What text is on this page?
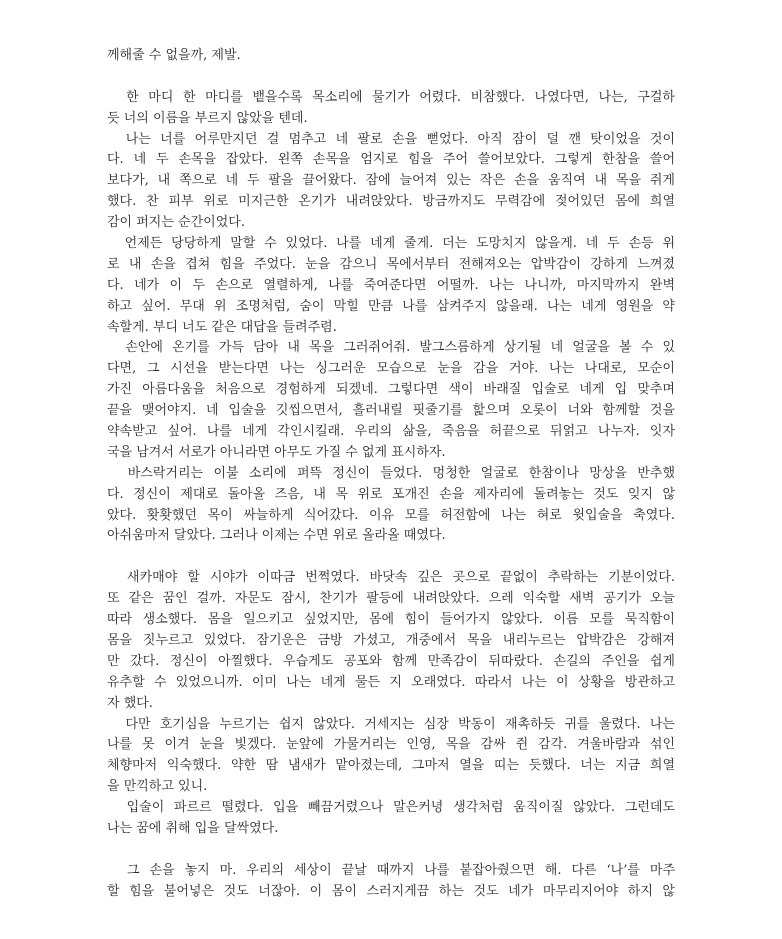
께해줄 수 없을까, 제발.
한 마디 한 마디를 뱉을수록 목소리에 물기가 어렸다. 비참했다. 나였다면, 나는, 구걸하
듯 너의 이름을 부르지 않았을 텐데.
나는 너를 어루만지던 걸 멈추고 네 팔로 손을 뻗었다. 아직 잠이 덜 깬 탓이었을 것이
다. 네 두 손목을 잡았다. 왼쪽 손목을 엄지로 힘을 주어 쓸어보았다. 그렇게 한참을 쓸어
보다가, 내 쪽으로 네 두 팔을 끌어왔다. 잠에 늘어져 있는 작은 손을 움직여 내 목을 쥐게
했다. 찬 피부 위로 미지근한 온기가 내려앉았다. 방금까지도 무력감에 젖어있던 몸에 희열
감이 퍼지는 순간이었다.
언제든 당당하게 말할 수 있었다. 나를 네게 줄게. 더는 도망치지 않을게. 네 두 손등 위
로 내 손을 겹쳐 힘을 주었다. 눈을 감으니 목에서부터 전해져오는 압박감이 강하게 느껴졌
다. 네가 이 두 손으로 열렬하게, 나를 죽여준다면 어떨까. 나는 나니까, 마지막까지 완벽
하고 싶어. 무대 위 조명처럼, 숨이 막힐 만큼 나를 삼켜주지 않을래. 나는 네게 영원을 약
속할게. 부디 너도 같은 대답을 들려주렴.
손안에 온기를 가득 담아 내 목을 그러쥐어줘. 발그스름하게 상기될 네 얼굴을 볼 수 있
다면, 그 시선을 받는다면 나는 싱그러운 모습으로 눈을 감을 거야. 나는 나대로, 모순이
가진 아름다움을 처음으로 경험하게 되겠네. 그렇다면 색이 바래질 입술로 네게 입 맞추며
끝을 맺어야지. 네 입술을 깃씹으면서, 흘러내릴 핏줄기를 핥으며 오롯이 너와 함께할 것을
약속받고 싶어. 나를 네게 각인시킬래. 우리의 삶을, 죽음을 허끝으로 뒤얽고 나누자. 잇자
국을 남겨서 서로가 아니라면 아무도 가질 수 없게 표시하자.
바스락거리는 이불 소리에 퍼뜩 정신이 들었다. 멍청한 얼굴로 한참이나 망상을 반추했
다. 정신이 제대로 돌아올 즈음, 내 목 위로 포개진 손을 제자리에 돌려놓는 것도 잊지 않
았다. 홧홧했던 목이 싸늘하게 식어갔다. 이유 모를 허전함에 나는 혀로 윗입술을 축였다.
아쉬움마저 달았다. 그러나 이제는 수면 위로 올라올 때였다.
새카매야 할 시야가 이따금 번쩍였다. 바닷속 깊은 곳으로 끝없이 추락하는 기분이었다.
또 같은 꿈인 걸까. 자문도 잠시, 찬기가 팔등에 내려앉았다. 으레 익숙할 새벽 공기가 오늘
따라 생소했다. 몸을 일으키고 싶었지만, 몸에 힘이 들어가지 않았다. 이름 모를 묵직함이
몸을 짓누르고 있었다. 잠기운은 금방 가셨고, 개중에서 목을 내리누르는 압박감은 강해져
만 갔다. 정신이 아찔했다. 우습게도 공포와 함께 만족감이 뒤따랐다. 손길의 주인을 쉽게
유추할 수 있었으니까. 이미 나는 네게 물든 지 오래였다. 따라서 나는 이 상황을 방관하고
자 했다.
다만 호기심을 누르기는 쉽지 않았다. 거세지는 심장 박동이 재촉하듯 귀를 울렸다. 나는
나를 못 이겨 눈을 빛겠다. 눈앞에 가물거리는 인영, 목을 감싸 쥔 감각. 겨울바람과 섞인
체향마저 익숙했다. 약한 땀 냄새가 맡아졌는데, 그마저 열을 띠는 듯했다. 너는 지금 희열
을 만끽하고 있니.
입술이 파르르 떨렸다. 입을 빼끔거렸으나 말은커녕 생각처럼 움직이질 않았다. 그런데도
나는 꿈에 취해 입을 달싹였다.
그 손을 놓지 마. 우리의 세상이 끝날 때까지 나를 붙잡아줬으면 해. 다른 ‘나’를 마주
할 힘을 불어넣은 것도 너잖아. 이 몸이 스러지게끔 하는 것도 네가 마무리지어야 하지 않
